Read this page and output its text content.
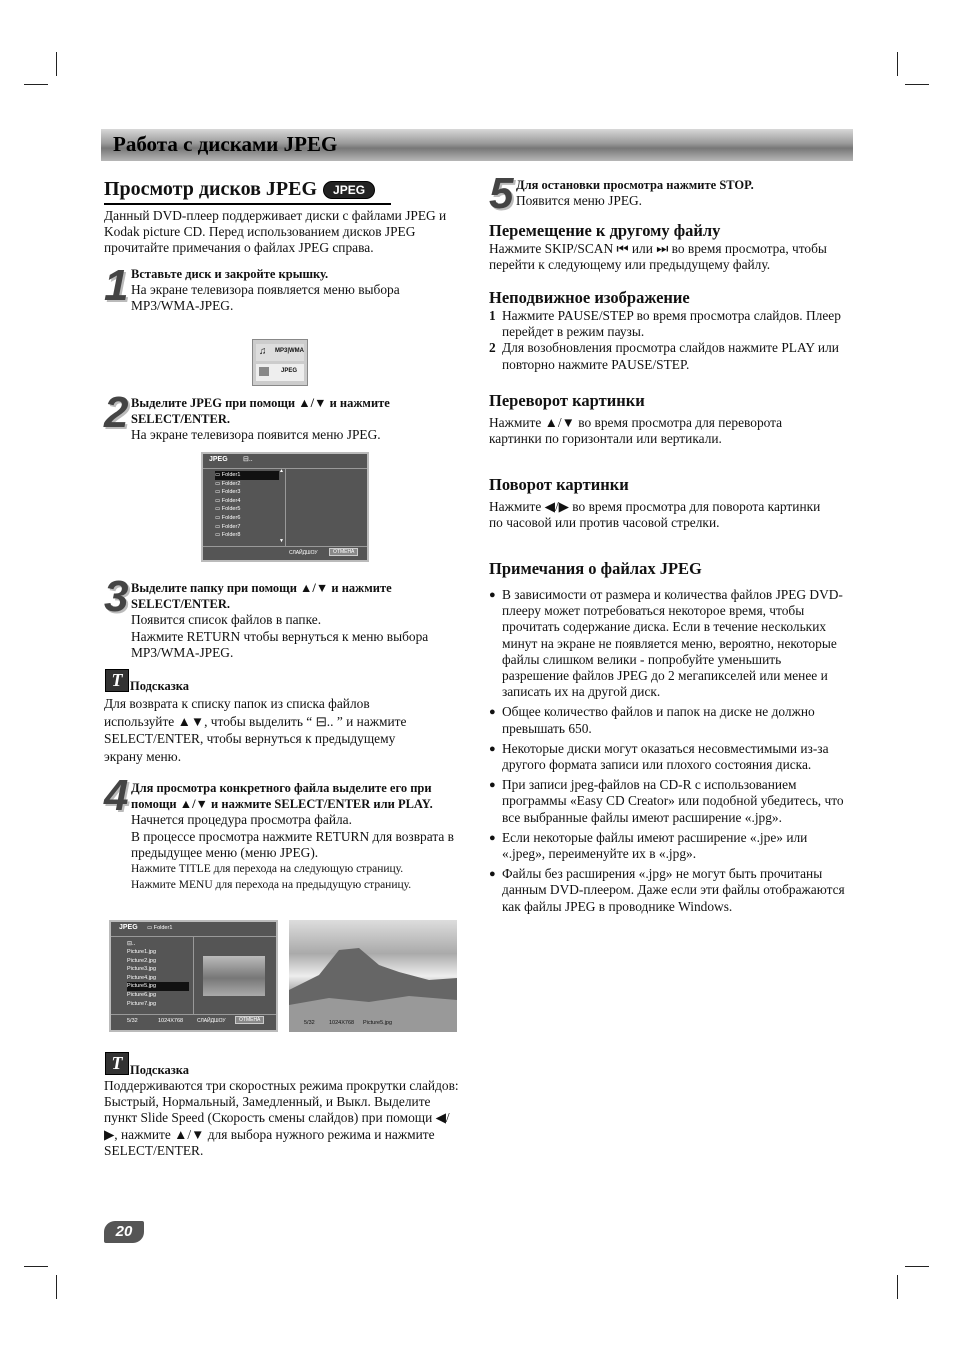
Работа с дисками JPEG
Просмотр дисков JPEG JPEG
Данный DVD-плеер поддерживает диски с файлами JPEG и Kodak picture CD. Перед использованием дисков JPEG прочитайте примечания о файлах JPEG справа.
1 Вставьте диск и закройте крышку.
На экране телевизора появляется меню выбора MP3/WMA-JPEG.
♫ MP3|WMA
JPEG
2 Выделите JPEG при помощи ▲/▼ и нажмите SELECT/ENTER.
На экране телевизора появится меню JPEG.
JPEG ⊟..
▭ Folder1
▭ Folder2
▭ Folder3
▭ Folder4
▭ Folder5
▭ Folder6
▭ Folder7
▭ Folder8
▲
▼
СЛАЙДШОУ	ОТМЕНА
3 Выделите папку при помощи ▲/▼ и нажмите SELECT/ENTER.
Появится список файлов в папке.
Нажмите RETURN чтобы вернуться к меню выбора MP3/WMA-JPEG.
T Подсказка
Для возврата к списку папок из списка файлов используйте ▲▼, чтобы выделить “ ⊟.. ” и нажмите SELECT/ENTER, чтобы вернуться к предыдущему экрану меню.
4 Для просмотра конкретного файла выделите его при помощи ▲/▼ и нажмите SELECT/ENTER или PLAY.
Начнется процедура просмотра файла.
В процессе просмотра нажмите RETURN для возврата в предыдущее меню (меню JPEG).
Нажмите TITLE для перехода на следующую страницу.
Нажмите MENU для перехода на предыдущую страницу.
JPEG ▭ Folder1
⊟..
Picture1.jpg
Picture2.jpg
Picture3.jpg
Picture4.jpg
Picture5.jpg
Picture6.jpg
Picture7.jpg
5/32	1024X768	СЛАЙДШОУ	ОТМЕНА	5/32	1024X768 Picture5.jpg
T Подсказка
Поддерживаются три скоростных режима прокрутки слайдов: Быстрый, Нормальный, Замедленный, и Выкл. Выделите пункт Slide Speed (Скорость смены слайдов) при помощи ◀/▶, нажмите ▲/▼ для выбора нужного режима и нажмите SELECT/ENTER.
20
5 Для остановки просмотра нажмите STOP.
Появится меню JPEG.
Перемещение к другому файлу
Нажмите SKIP/SCAN ⏮ или ⏭ во время просмотра, чтобы перейти к следующему или предыдущему файлу.
Неподвижное изображение
1 Нажмите PAUSE/STEP во время просмотра слайдов. Плеер перейдет в режим паузы.
2 Для возобновления просмотра слайдов нажмите PLAY или повторно нажмите PAUSE/STEP.
Переворот картинки
Нажмите ▲/▼ во время просмотра для переворота картинки по горизонтали или вертикали.
Поворот картинки
Нажмите ◀/▶ во время просмотра для поворота картинки по часовой или против часовой стрелки.
Примечания о файлах JPEG
● В зависимости от размера и количества файлов JPEG DVD-плееру может потребоваться некоторое время, чтобы прочитать содержание диска. Если в течение нескольких минут на экране не появляется меню, вероятно, некоторые файлы слишком велики - попробуйте уменьшить разрешение файлов JPEG до 2 мегапикселей или менее и записать их на другой диск.
● Общее количество файлов и папок на диске не должно превышать 650.
● Некоторые диски могут оказаться несовместимыми из-за другого формата записи или плохого состояния диска.
● При записи jpeg-файлов на CD-R с использованием программы «Easy CD Creator» или подобной убедитесь, что все выбранные файлы имеют расширение «.jpg».
● Если некоторые файлы имеют расширение «.jpe» или «.jpeg», переименуйте их в «.jpg».
● Файлы без расширения «.jpg» не могут быть прочитаны данным DVD-плеером. Даже если эти файлы отображаются как файлы JPEG в проводнике Windows.
